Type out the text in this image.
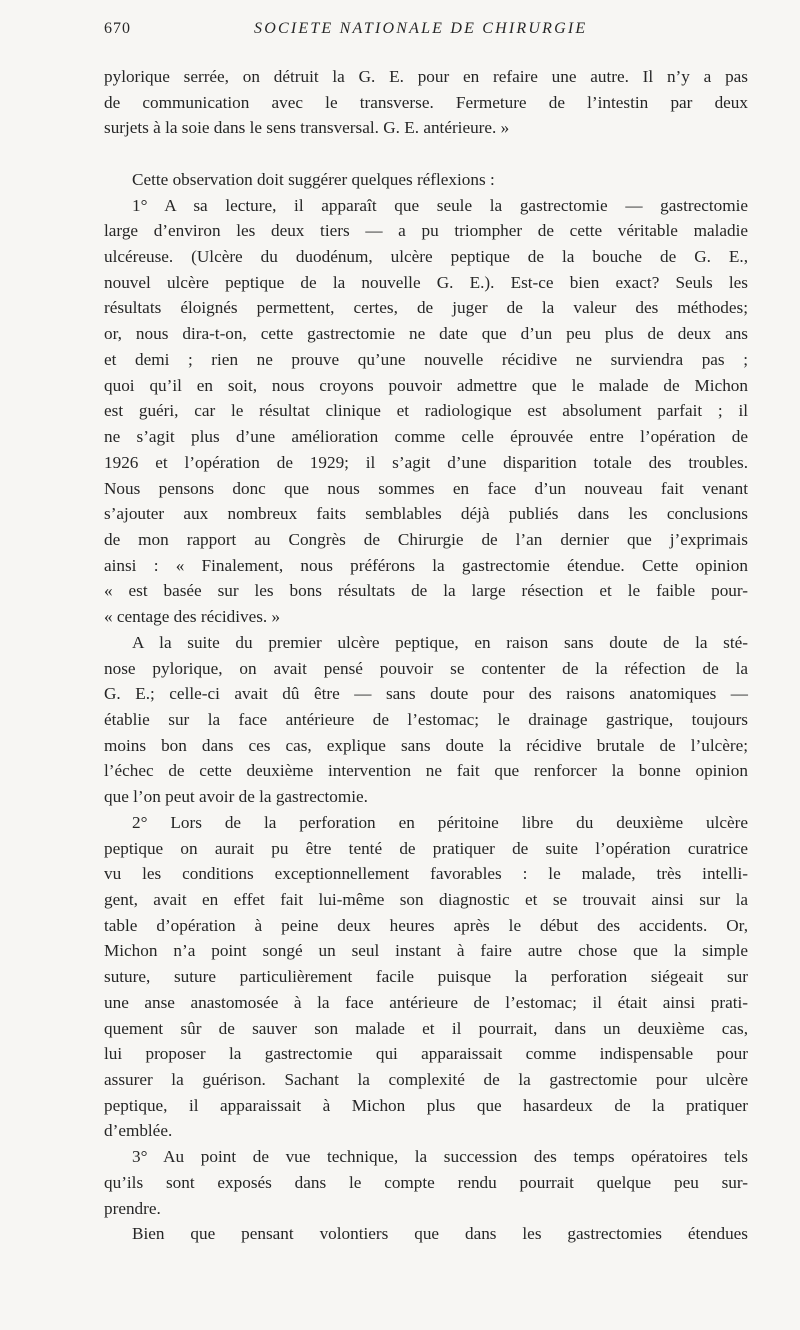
670	SOCIETE NATIONALE DE CHIRURGIE
pylorique serrée, on détruit la G. E. pour en refaire une autre. Il n’y a pas
de communication avec le transverse. Fermeture de l’intestin par deux
surjets à la soie dans le sens transversal. G. E. antérieure. »
Cette observation doit suggérer quelques réflexions :
1° A sa lecture, il apparaît que seule la gastrectomie — gastrectomie
large d’environ les deux tiers — a pu triompher de cette véritable maladie
ulcéreuse. (Ulcère du duodénum, ulcère peptique de la bouche de G. E.,
nouvel ulcère peptique de la nouvelle G. E.). Est-ce bien exact? Seuls les
résultats éloignés permettent, certes, de juger de la valeur des méthodes;
or, nous dira-t-on, cette gastrectomie ne date que d’un peu plus de deux ans
et demi ; rien ne prouve qu’une nouvelle récidive ne surviendra pas ;
quoi qu’il en soit, nous croyons pouvoir admettre que le malade de Michon
est guéri, car le résultat clinique et radiologique est absolument parfait ; il
ne s’agit plus d’une amélioration comme celle éprouvée entre l’opération de
1926 et l’opération de 1929; il s’agit d’une disparition totale des troubles.
Nous pensons donc que nous sommes en face d’un nouveau fait venant
s’ajouter aux nombreux faits semblables déjà publiés dans les conclusions
de mon rapport au Congrès de Chirurgie de l’an dernier que j’exprimais
ainsi : « Finalement, nous préférons la gastrectomie étendue. Cette opinion
« est basée sur les bons résultats de la large résection et le faible pour-
« centage des récidives. »
A la suite du premier ulcère peptique, en raison sans doute de la sté-
nose pylorique, on avait pensé pouvoir se contenter de la réfection de la
G. E.; celle-ci avait dû être — sans doute pour des raisons anatomiques —
établie sur la face antérieure de l’estomac; le drainage gastrique, toujours
moins bon dans ces cas, explique sans doute la récidive brutale de l’ulcère;
l’échec de cette deuxième intervention ne fait que renforcer la bonne opinion
que l’on peut avoir de la gastrectomie.
2° Lors de la perforation en péritoine libre du deuxième ulcère
peptique on aurait pu être tenté de pratiquer de suite l’opération curatrice
vu les conditions exceptionnellement favorables : le malade, très intelli-
gent, avait en effet fait lui-même son diagnostic et se trouvait ainsi sur la
table d’opération à peine deux heures après le début des accidents. Or,
Michon n’a point songé un seul instant à faire autre chose que la simple
suture, suture particulièrement facile puisque la perforation siégeait sur
une anse anastomosée à la face antérieure de l’estomac; il était ainsi prati-
quement sûr de sauver son malade et il pourrait, dans un deuxième cas,
lui proposer la gastrectomie qui apparaissait comme indispensable pour
assurer la guérison. Sachant la complexité de la gastrectomie pour ulcère
peptique, il apparaissait à Michon plus que hasardeux de la pratiquer
d’emblée.
3° Au point de vue technique, la succession des temps opératoires tels
qu’ils sont exposés dans le compte rendu pourrait quelque peu sur-
prendre.
Bien que pensant volontiers que dans les gastrectomies étendues
